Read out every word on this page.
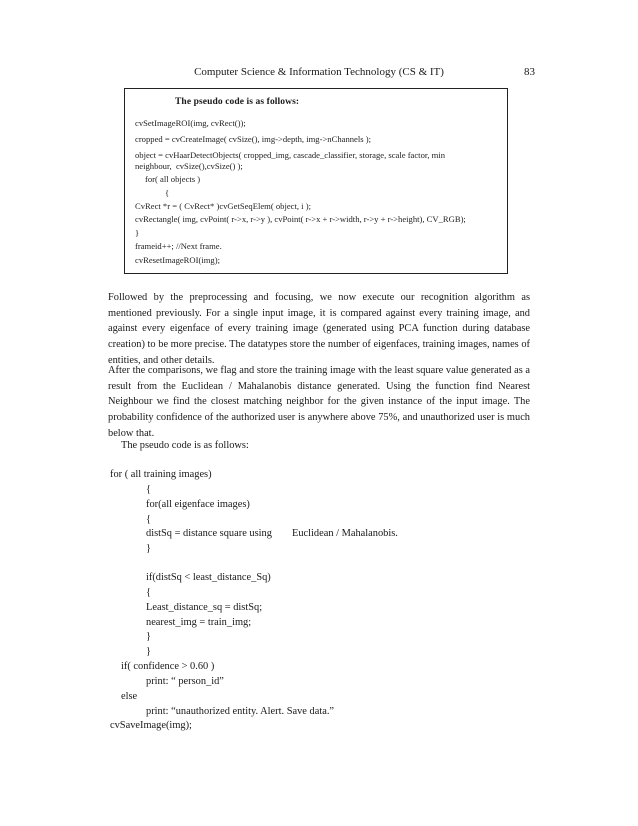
Computer Science & Information Technology (CS & IT)	83
The pseudo code is as follows:
cvSetImageROI(img, cvRect());
cropped = cvCreateImage( cvSize(), img->depth, img->nChannels );
object = cvHaarDetectObjects( cropped_img, cascade_classifier, storage, scale factor, min
neighbour,  cvSize(),cvSize() );
for( all objects )
{
CvRect *r = ( CvRect* )cvGetSeqElem( object, i );
cvRectangle( img, cvPoint( r->x, r->y ), cvPoint( r->x + r->width, r->y + r->height), CV_RGB);
}
frameid++; //Next frame.
cvResetImageROI(img);

Followed by the preprocessing and focusing, we now execute our recognition algorithm as mentioned previously. For a single input image, it is compared against every training image, and against every eigenface of every training image (generated using PCA function during database creation) to be more precise. The datatypes store the number of eigenfaces, training images, names of entities, and other details.

After the comparisons, we flag and store the training image with the least square value generated as a result from the Euclidean / Mahalanobis distance generated. Using the function find Nearest Neighbour we find the closest matching neighbor for the given instance of the input image. The probability confidence of the authorized user is anywhere above 75%, and unauthorized user is much below that.

The pseudo code is as follows:
for ( all training images)
{
for(all eigenface images)
{
distSq = distance square using Euclidean / Mahalanobis.
}
if(distSq < least_distance_Sq)
{
Least_distance_sq = distSq;
nearest_img = train_img;
}
}
if( confidence > 0.60 )
print: “ person_id”
else
print: “unauthorized entity. Alert. Save data.”
cvSaveImage(img);
